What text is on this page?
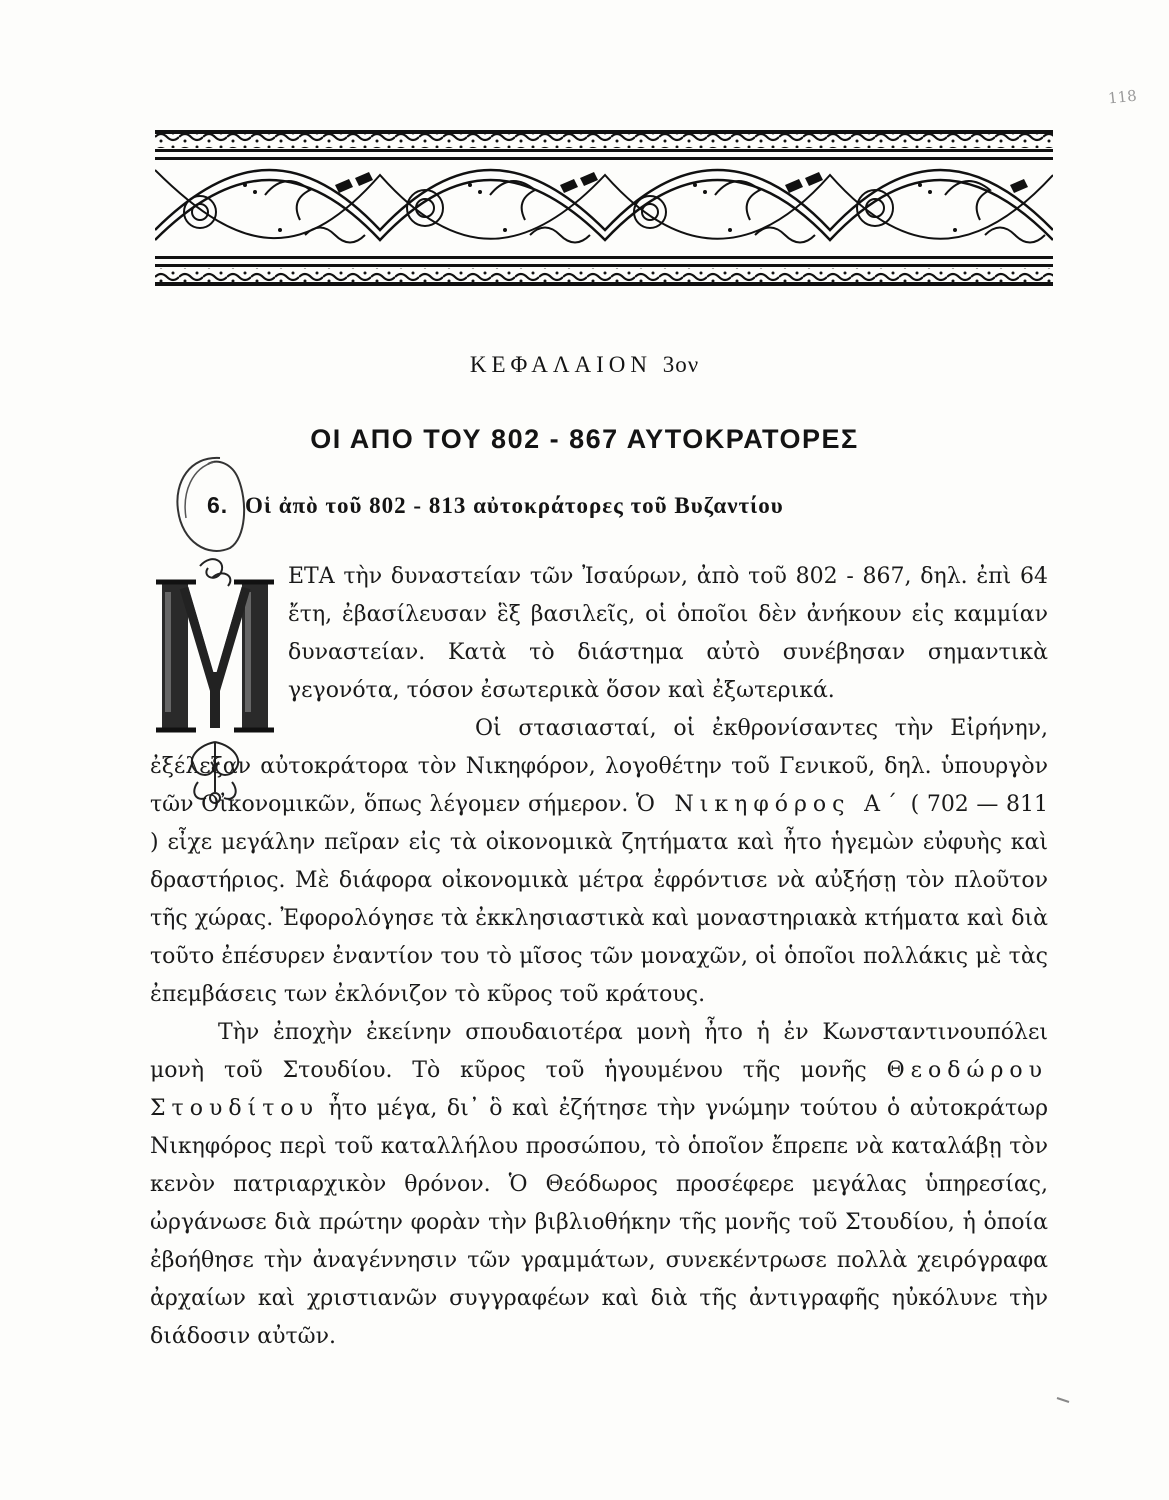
118
ΚΕΦΑΛΑΙΟΝ 3ον
ΟΙ ΑΠΟ ΤΟΥ 802 - 867 ΑΥΤΟΚΡΑΤΟΡΕΣ
6. Οἱ ἀπὸ τοῦ 802 - 813 αὐτοκράτορες τοῦ Βυζαντίου

ΕΤΑ τὴν δυναστείαν τῶν Ἰσαύρων, ἀπὸ τοῦ 802 - 867, δηλ. ἐπὶ 64 ἔτη, ἐβασίλευσαν ἓξ βασιλεῖς, οἱ ὁποῖοι δὲν ἀνήκουν εἰς καμμίαν δυναστείαν. Κατὰ τὸ διάστημα αὐτὸ συνέβησαν σημαντικὰ γεγονότα, τόσον ἐσωτερικὰ ὅσον καὶ ἐξωτερικά.

Οἱ στασιασταί, οἱ ἐκθρονίσαντες τὴν Εἰρήνην, ἐξέλεξαν αὐτοκράτορα τὸν Νικηφόρον, λογοθέτην τοῦ Γενικοῦ, δηλ. ὑπουργὸν τῶν Οἰκονομικῶν, ὅπως λέγομεν σήμερον. Ὁ Νικηφόρος Α΄ ( 702 — 811 ) εἶχε μεγάλην πεῖραν εἰς τὰ οἰκονομικὰ ζητήματα καὶ ἦτο ἡγεμὼν εὐφυὴς καὶ δραστήριος. Μὲ διάφορα οἰκονομικὰ μέτρα ἐφρόντισε νὰ αὐξήσῃ τὸν πλοῦτον τῆς χώρας. Ἐφορολόγησε τὰ ἐκκλησιαστικὰ καὶ μοναστηριακὰ κτήματα καὶ διὰ τοῦτο ἐπέσυρεν ἐναντίον του τὸ μῖσος τῶν μοναχῶν, οἱ ὁποῖοι πολλάκις μὲ τὰς ἐπεμβάσεις των ἐκλόνιζον τὸ κῦρος τοῦ κράτους.

Τὴν ἐποχὴν ἐκείνην σπουδαιοτέρα μονὴ ἦτο ἡ ἐν Κωνσταντινουπόλει μονὴ τοῦ Στουδίου. Τὸ κῦρος τοῦ ἡγουμένου τῆς μονῆς Θεοδώρου Στουδίτου ἦτο μέγα, δι᾿ ὃ καὶ ἐζήτησε τὴν γνώμην τούτου ὁ αὐτοκράτωρ Νικηφόρος περὶ τοῦ καταλλήλου προσώπου, τὸ ὁποῖον ἔπρεπε νὰ καταλάβῃ τὸν κενὸν πατριαρχικὸν θρόνον. Ὁ Θεόδωρος προσέφερε μεγάλας ὑπηρεσίας, ὠργάνωσε διὰ πρώτην φορὰν τὴν βιβλιοθήκην τῆς μονῆς τοῦ Στουδίου, ἡ ὁποία ἐβοήθησε τὴν ἀναγέννησιν τῶν γραμμάτων, συνεκέντρωσε πολλὰ χειρόγραφα ἀρχαίων καὶ χριστιανῶν συγγραφέων καὶ διὰ τῆς ἀντιγραφῆς ηὐκόλυνε τὴν διάδοσιν αὐτῶν.
